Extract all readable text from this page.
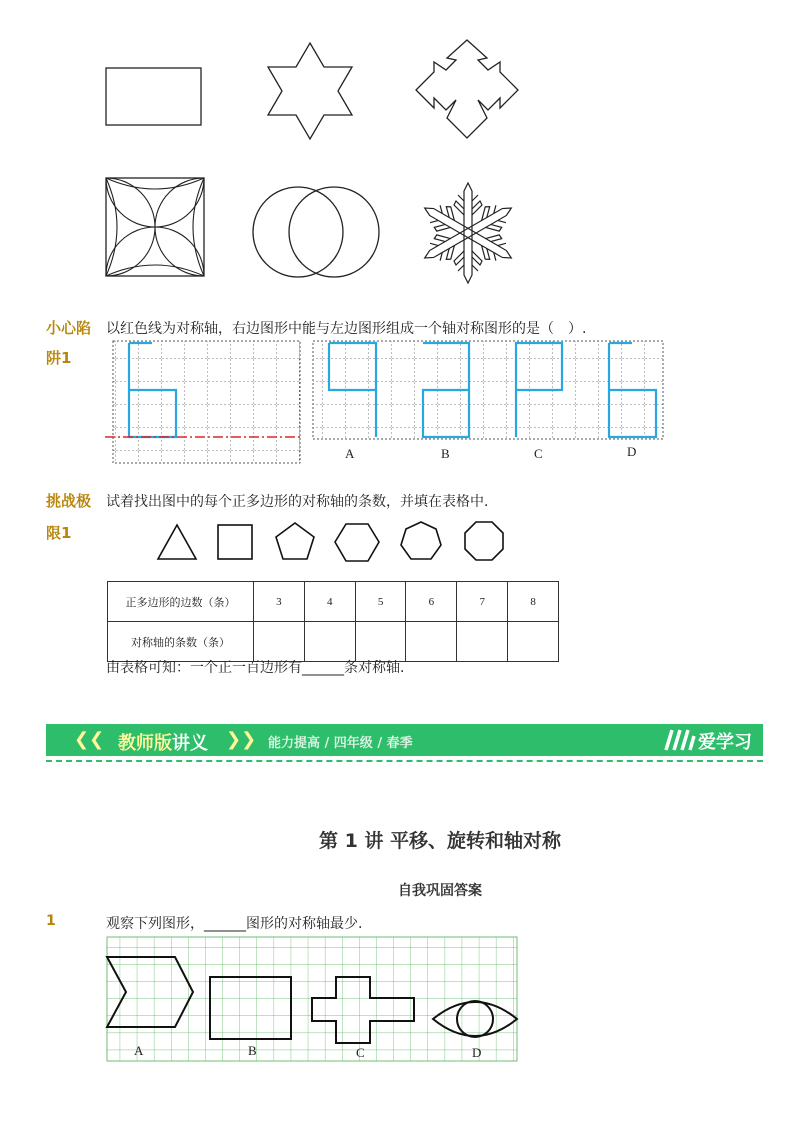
小心陷
阱1
以红色线为对称轴，右边图形中能与左边图形组成一个轴对称图形的是（　）.
A	B	C	D
挑战极
限1
试着找出图中的每个正多边形的对称轴的条数，并填在表格中.
正多边形的边数（条）	3	4	5	6	7	8
对称轴的条数（条）						
由表格可知：一个正一百边形有______条对称轴.
❮❮ 教师版讲义 ❯❯ 能力提高 / 四年级 / 春季	爱学习
第 1 讲 平移、旋转和轴对称
自我巩固答案
1	观察下列图形，______图形的对称轴最少.
A	B	C	D
